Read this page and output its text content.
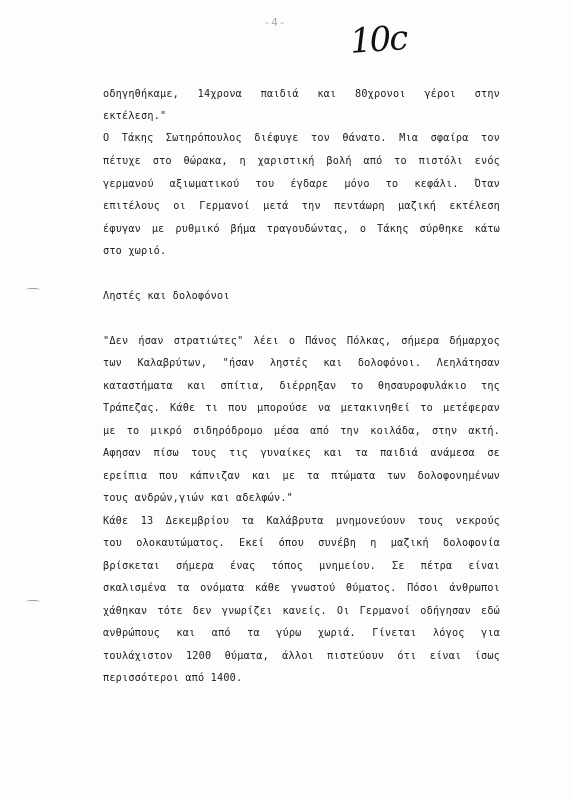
-4- 10c
οδηγηθήκαμε, 14χρονα παιδιά και 80χρονοι γέροι στην
εκτέλεση."
Ο Τάκης Σωτηρόπουλος διέφυγε τον θάνατο. Μια σφαίρα τον
πέτυχε στο θώρακα, η χαριστική βολή από το πιστόλι ενός
γερμανού αξιωματικού του έγδαρε μόνο το κεφάλι. Όταν
επιτέλους οι Γερμανοί μετά την πεντάωρη μαζική εκτέλεση
έφυγαν με ρυθμικό βήμα τραγουδώντας, ο Τάκης σύρθηκε κάτω
στο χωριό.
Ληστές και δολοφόνοι
"Δεν ήσαν στρατιώτες" λέει ο Πάνος Πόλκας, σήμερα δήμαρχος
των Καλαβρύτων, "ήσαν ληστές και δολοφόνοι. Λεηλάτησαν
καταστήματα και σπίτια, διέρρηξαν το θησαυροφυλάκιο της
Τράπεζας. Κάθε τι που μπορούσε να μετακινηθεί το μετέφεραν
με το μικρό σιδηρόδρομο μέσα από την κοιλάδα, στην ακτή.
Αφησαν πίσω τους τις γυναίκες και τα παιδιά ανάμεσα σε
ερείπια που κάπνιζαν και με τα πτώματα των δολοφονημένων
τους ανδρών,γιών και αδελφών."
Κάθε 13 Δεκεμβρίου τα Καλάβρυτα μνημονεύουν τους νεκρούς
του ολοκαυτώματος. Εκεί όπου συνέβη η μαζική δολοφονία
βρίσκεται σήμερα ένας τόπος μνημείου. Σε πέτρα είναι
σκαλισμένα τα ονόματα κάθε γνωστού θύματος. Πόσοι άνθρωποι
χάθηκαν τότε δεν γνωρίζει κανείς. Οι Γερμανοί οδήγησαν εδώ
ανθρώπους και από τα γύρω χωριά. Γίνεται λόγος για
τουλάχιστον 1200 θύματα, άλλοι πιστεύουν ότι είναι ίσως
περισσότεροι από 1400.
